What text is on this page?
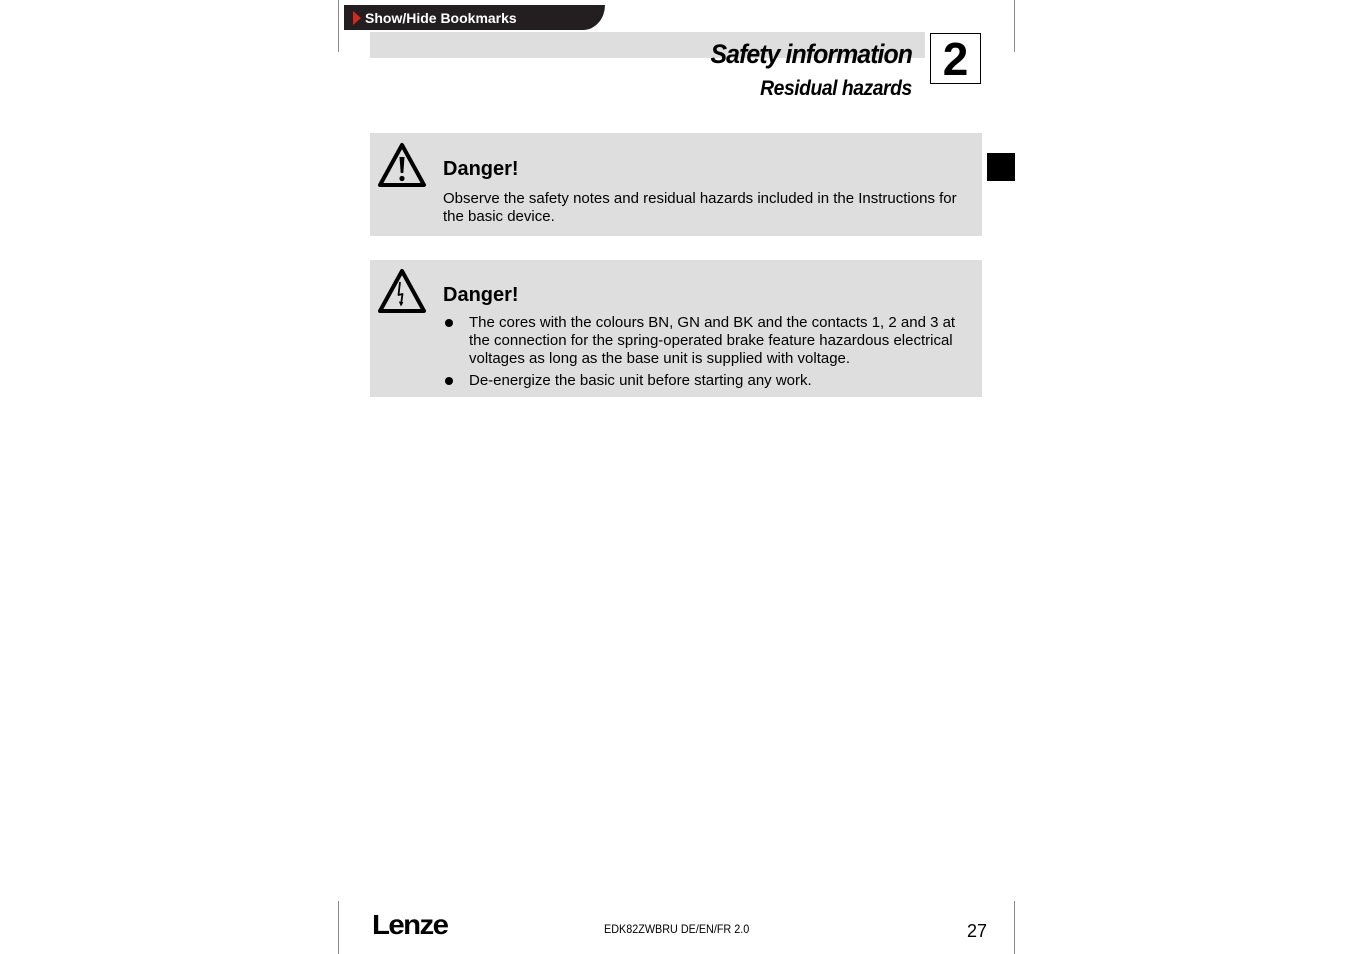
Show/Hide Bookmarks
Safety information
Residual hazards
2
Danger!
Observe the safety notes and residual hazards included in the Instructions for the basic device.
Danger!
The cores with the colours BN, GN and BK and the contacts 1, 2 and 3 at the connection for the spring-operated brake feature hazardous electrical voltages as long as the base unit is supplied with voltage.
De-energize the basic unit before starting any work.
Lenze	EDK82ZWBRU DE/EN/FR 2.0	27
